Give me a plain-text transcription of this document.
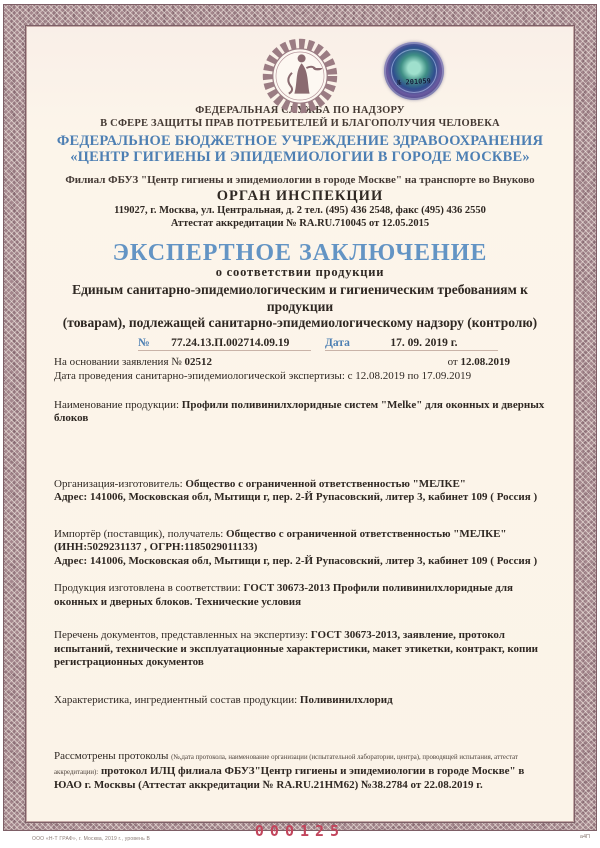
№ 201059
ФЕДЕРАЛЬНАЯ СЛУЖБА ПО НАДЗОРУ
В СФЕРЕ ЗАЩИТЫ ПРАВ ПОТРЕБИТЕЛЕЙ И БЛАГОПОЛУЧИЯ ЧЕЛОВЕКА
ФЕДЕРАЛЬНОЕ БЮДЖЕТНОЕ УЧРЕЖДЕНИЕ ЗДРАВООХРАНЕНИЯ
«ЦЕНТР ГИГИЕНЫ И ЭПИДЕМИОЛОГИИ В ГОРОДЕ МОСКВЕ»
Филиал ФБУЗ "Центр гигиены и эпидемиологии в городе Москве" на транспорте во Внуково
ОРГАН ИНСПЕКЦИИ
119027, г. Москва, ул. Центральная, д. 2 тел. (495) 436 2548, факс (495) 436 2550
Аттестат аккредитации № RA.RU.710045 от 12.05.2015
ЭКСПЕРТНОЕ ЗАКЛЮЧЕНИЕ
о соответствии продукции
Единым санитарно-эпидемиологическим и гигиеническим требованиям к продукции
(товарам), подлежащей санитарно-эпидемиологическому надзору (контролю)
№	77.24.13.П.002714.09.19	Дата	17. 09. 2019 г.
На основании заявления № 02512	от 12.08.2019
Дата проведения санитарно-эпидемиологической экспертизы: с 12.08.2019 по 17.09.2019

Наименование продукции: Профили поливинилхлоридные систем "Melke" для оконных и дверных блоков

Организация-изготовитель: Общество с ограниченной ответственностью "МЕЛКЕ"
Адрес: 141006, Московская обл, Мытищи г, пер. 2-Й Рупасовский, литер 3, кабинет 109 ( Россия )

Импортёр (поставщик), получатель: Общество с ограниченной ответственностью "МЕЛКЕ" (ИНН:5029231137 , ОГРН:1185029011133)
Адрес: 141006, Московская обл, Мытищи г, пер. 2-Й Рупасовский, литер 3, кабинет 109 ( Россия )

Продукция изготовлена в соответствии: ГОСТ 30673-2013 Профили поливинилхлоридные для оконных и дверных блоков. Технические условия

Перечень документов, представленных на экспертизу: ГОСТ 30673-2013, заявление, протокол испытаний, технические и эксплуатационные характеристики, макет этикетки, контракт, копии регистрационных документов

Характеристика, ингредиентный состав продукции: Поливинилхлорид

Рассмотрены протоколы (№,дата протокола, наименование организации (испытательной лаборатории, центра), проводящей испытания, аттестат аккредитации): протокол ИЛЦ филиала ФБУЗ"Центр гигиены и эпидемиологии в городе Москве" в ЮАО г. Москвы (Аттестат аккредитации № RA.RU.21НМ62) №38.2784 от 22.08.2019 г.

000125
ООО «Н-Т ГРАФ», г. Москва, 2019 г., уровень В	а4П
